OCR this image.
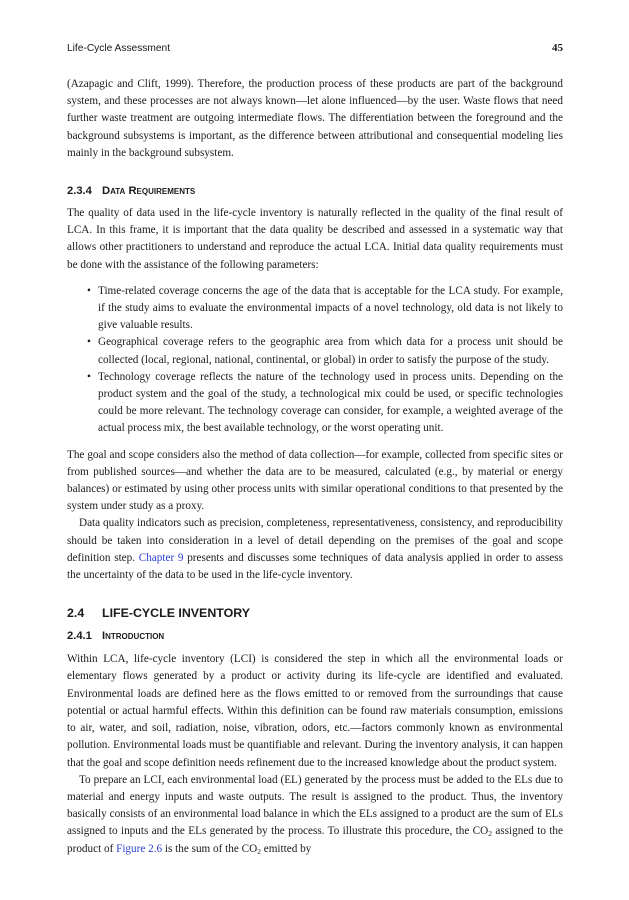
Life-Cycle Assessment	45

(Azapagic and Clift, 1999). Therefore, the production process of these products are part of the background system, and these processes are not always known—let alone influenced—by the user. Waste flows that need further waste treatment are outgoing intermediate flows. The differentiation between the foreground and the background subsystems is important, as the difference between attributional and consequential modeling lies mainly in the background subsystem.

2.3.4 Data Requirements

The quality of data used in the life-cycle inventory is naturally reflected in the quality of the final result of LCA. In this frame, it is important that the data quality be described and assessed in a systematic way that allows other practitioners to understand and reproduce the actual LCA. Initial data quality requirements must be done with the assistance of the following parameters:

• Time-related coverage concerns the age of the data that is acceptable for the LCA study. For example, if the study aims to evaluate the environmental impacts of a novel technology, old data is not likely to give valuable results.
• Geographical coverage refers to the geographic area from which data for a process unit should be collected (local, regional, national, continental, or global) in order to satisfy the purpose of the study.
• Technology coverage reflects the nature of the technology used in process units. Depending on the product system and the goal of the study, a technological mix could be used, or specific technologies could be more relevant. The technology coverage can consider, for example, a weighted average of the actual process mix, the best available technology, or the worst operating unit.

The goal and scope considers also the method of data collection—for example, collected from specific sites or from published sources—and whether the data are to be measured, calculated (e.g., by material or energy balances) or estimated by using other process units with similar operational conditions to that presented by the system under study as a proxy.

Data quality indicators such as precision, completeness, representativeness, consistency, and reproducibility should be taken into consideration in a level of detail depending on the premises of the goal and scope definition step. Chapter 9 presents and discusses some techniques of data analysis applied in order to assess the uncertainty of the data to be used in the life-cycle inventory.

2.4 LIFE-CYCLE INVENTORY
2.4.1 Introduction

Within LCA, life-cycle inventory (LCI) is considered the step in which all the environmental loads or elementary flows generated by a product or activity during its life-cycle are identified and evaluated. Environmental loads are defined here as the flows emitted to or removed from the surroundings that cause potential or actual harmful effects. Within this definition can be found raw materials consumption, emissions to air, water, and soil, radiation, noise, vibration, odors, etc.—factors commonly known as environmental pollution. Environmental loads must be quantifiable and relevant. During the inventory analysis, it can happen that the goal and scope definition needs refinement due to the increased knowledge about the product system.

To prepare an LCI, each environmental load (EL) generated by the process must be added to the ELs due to material and energy inputs and waste outputs. The result is assigned to the product. Thus, the inventory basically consists of an environmental load balance in which the ELs assigned to a product are the sum of ELs assigned to inputs and the ELs generated by the process. To illustrate this procedure, the $CO_2$ assigned to the product of Figure 2.6 is the sum of the $CO_2$ emitted by
